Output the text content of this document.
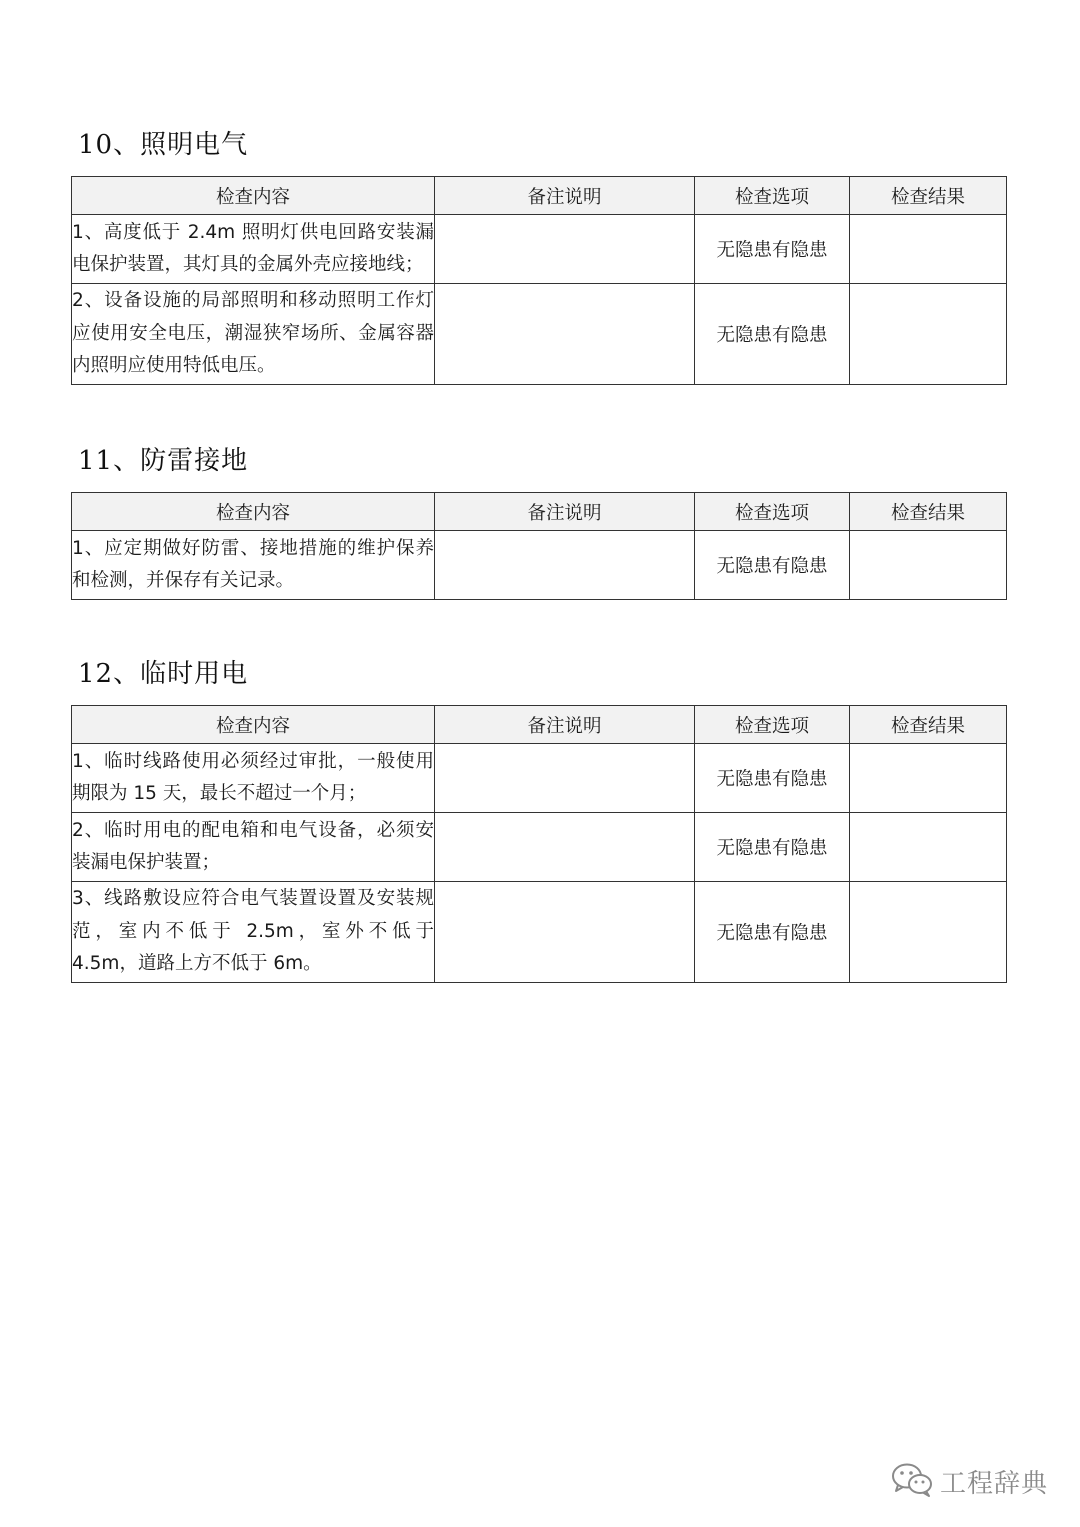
10、照明电气
检查内容	备注说明	检查选项	检查结果
1、高度低于 2.4m 照明灯供电回路安装漏电保护装置，其灯具的金属外壳应接地线；		无隐患有隐患	
2、设备设施的局部照明和移动照明工作灯应使用安全电压，潮湿狭窄场所、金属容器内照明应使用特低电压。		无隐患有隐患	
11、防雷接地
检查内容	备注说明	检查选项	检查结果
1、应定期做好防雷、接地措施的维护保养和检测，并保存有关记录。		无隐患有隐患	
12、临时用电
检查内容	备注说明	检查选项	检查结果
1、临时线路使用必须经过审批，一般使用期限为 15 天，最长不超过一个月；		无隐患有隐患	
2、临时用电的配电箱和电气设备，必须安装漏电保护装置；		无隐患有隐患	
3、线路敷设应符合电气装置设置及安装规范，室内不低于 2.5m，室外不低于 4.5m，道路上方不低于 6m。		无隐患有隐患	
工程辞典
